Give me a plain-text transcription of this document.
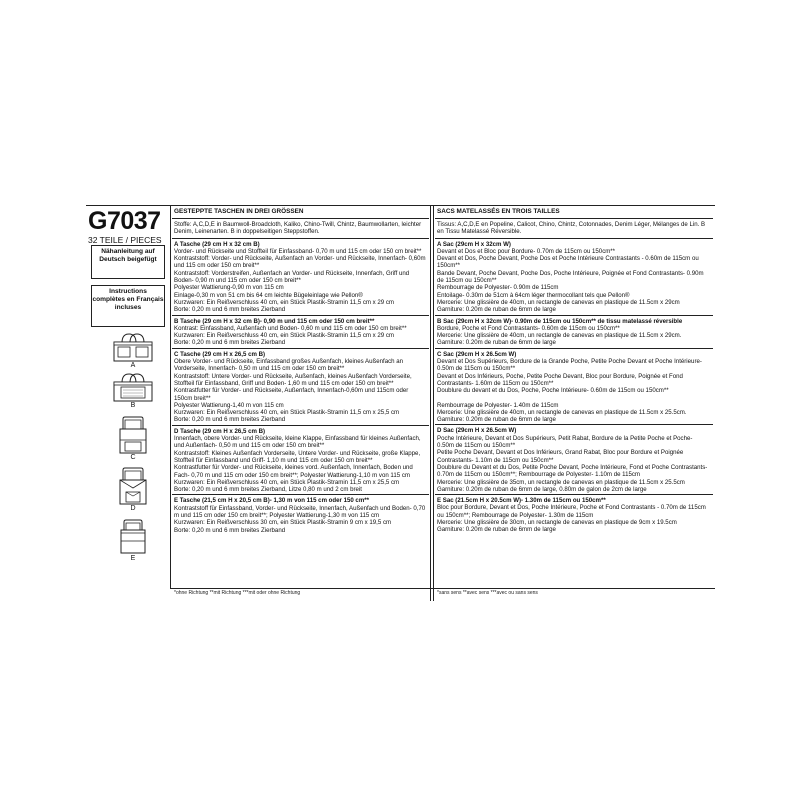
G7037
32 TEILE / PIECES
Nähanleitung auf Deutsch beigefügt
Instructions complètes en Français incluses
A
B
C
D
E
GESTEPPTE TASCHEN IN DREI GRÖSSEN
Stoffe: A,C,D,E in Baumwoll-Broadcloth, Kaliko, Chino-Twill, Chintz, Baumwollarten, leichter Denim, Leinenarten. B in doppelseitigen Steppstoffen.
A Tasche (29 cm H x 32 cm B)
Vorder- und Rückseite und Stoffteil für Einfassband- 0,70 m und 115 cm oder 150 cm breit**
Kontraststoff: Vorder- und Rückseite, Außenfach an Vorder- und Rückseite, Innenfach- 0,60m und 115 cm oder 150 cm breit**
Kontraststoff: Vorderstreifen, Außenfach an Vorder- und Rückseite, Innenfach, Griff und Boden- 0,90 m und 115 cm oder 150 cm breit**
Polyester Wattierung-0,90 m von 115 cm
Einlage-0,30 m von 51 cm bis 64 cm leichte Bügeleinlage wie Pellon®
Kurzwaren: Ein Reißverschluss 40 cm, ein Stück Plastik-Stramin 11,5 cm x 29 cm
Borte: 0,20 m und 6 mm breites Zierband
B Tasche (29 cm H x 32 cm B)- 0,90 m und 115 cm oder 150 cm breit**
Kontrast: Einfassband, Außenfach und Boden- 0,60 m und 115 cm oder 150 cm breit**
Kurzwaren: Ein Reißverschluss 40 cm, ein Stück Plastik-Stramin 11,5 cm x 29 cm
Borte: 0,20 m und 6 mm breites Zierband
C Tasche (29 cm H x 26,5 cm B)
Obere Vorder- und Rückseite, Einfassband großes Außenfach, kleines Außenfach an Vorderseite, Innenfach- 0,50 m und 115 cm oder 150 cm breit**
Kontraststoff: Untere Vorder- und Rückseite, Außenfach, kleines Außenfach Vorderseite, Stoffteil für Einfassband, Griff und Boden- 1,60 m und 115 cm oder 150 cm breit**
Kontrastfutter für Vorder- und Rückseite, Außenfach, Innenfach-0,60m und 115cm oder 150cm breit**
Polyester Wattierung-1,40 m von 115 cm
Kurzwaren: Ein Reißverschluss 40 cm, ein Stück Plastik-Stramin 11,5 cm x 25,5 cm
Borte: 0,20 m und 6 mm breites Zierband
D Tasche (29 cm H x 26,5 cm B)
Innenfach, obere Vorder- und Rückseite, kleine Klappe, Einfassband für kleines Außenfach, und Außenfach- 0,50 m und 115 cm oder 150 cm breit**
Kontraststoff: Kleines Außenfach Vorderseite, Untere Vorder- und Rückseite, große Klappe, Stoffteil für Einfassband und Griff- 1,10 m und 115 cm oder 150 cm breit**
Kontrastfutter für Vorder- und Rückseite, kleines vord. Außenfach, Innenfach, Boden und Fach- 0,70 m und 115 cm oder 150 cm breit**; Polyester Wattierung-1,10 m von 115 cm
Kurzwaren: Ein Reißverschluss 40 cm, ein Stück Plastik-Stramin 11,5 cm x 25,5 cm
Borte: 0,20 m und 6 mm breites Zierband, Litze 0,80 m und 2 cm breit
E Tasche (21,5 cm H x 20,5 cm B)- 1,30 m von 115 cm oder 150 cm**
Kontraststoff für Einfassband, Vorder- und Rückseite, Innenfach, Außenfach und Boden- 0,70 m und 115 cm oder 150 cm breit**; Polyester Wattierung-1,30 m von 115 cm
Kurzwaren: Ein Reißverschluss 30 cm, ein Stück Plastik-Stramin 9 cm x 19,5 cm
Borte: 0,20 m und 6 mm breites Zierband
*ohne Richtung **mit Richtung ***mit oder ohne Richtung
SACS MATELASSÉS EN TROIS TAILLES
Tissus: A,C,D,E en Popeline, Calicot, Chino, Chintz, Cotonnades, Denim Léger, Mélanges de Lin. B en Tissu Matelassé Réversible.
A Sac (29cm H x 32cm W)
Devant et Dos et Bloc pour Bordure- 0.70m de 115cm ou 150cm**
Devant et Dos, Poche Devant, Poche Dos et Poche Intérieure Contrastants - 0.60m de 115cm ou 150cm**
Bande Devant, Poche Devant, Poche Dos, Poche Intérieure, Poignée et Fond Contrastants- 0.90m de 115cm ou 150cm**
Rembourrage de Polyester- 0.90m de 115cm
Entoilage- 0.30m de 51cm à 64cm léger thermocollant tels que Pellon®
Mercerie: Une glissière de 40cm, un rectangle de canevas en plastique de 11.5cm x 29cm
Garniture: 0.20m de ruban de 6mm de large
B Sac (29cm H x 32cm W)- 0.90m de 115cm ou 150cm** de tissu matelassé réversible
Bordure, Poche et Fond Contrastants- 0.60m de 115cm ou 150cm**
Mercerie: Une glissière de 40cm, un rectangle de canevas en plastique de 11.5cm x 29cm.
Garniture: 0.20m de ruban de 6mm de large
C Sac (29cm H x 26.5cm W)
Devant et Dos Supérieurs, Bordure de la Grande Poche, Petite Poche Devant et Poche Intérieure- 0.50m de 115cm ou 150cm**
Devant et Dos Inférieurs, Poche, Petite Poche Devant, Bloc pour Bordure, Poignée et Fond Contrastants- 1.60m de 115cm ou 150cm**
Doublure du devant et du Dos, Poche, Poche Intérieure- 0.60m de 115cm ou 150cm**
Rembourrage de Polyester- 1.40m de 115cm
Mercerie: Une glissière de 40cm, un rectangle de canevas en plastique de 11.5cm x 25.5cm.
Garniture: 0.20m de ruban de 6mm de large
D Sac (29cm H x 26.5cm W)
Poche Intérieure, Devant et Dos Supérieurs, Petit Rabat, Bordure de la Petite Poche et Poche- 0.50m de 115cm ou 150cm**
Petite Poche Devant, Devant et Dos Inférieurs, Grand Rabat, Bloc pour Bordure et Poignée Contrastants- 1.10m de 115cm ou 150cm**
Doublure du Devant et du Dos, Petite Poche Devant, Poche Intérieure, Fond et Poche Contrastants- 0.70m de 115cm ou 150cm**; Rembourrage de Polyester- 1.10m de 115cm
Mercerie: Une glissière de 35cm, un rectangle de canevas en plastique de 11.5cm x 25.5cm
Garniture: 0.20m de ruban de 6mm de large, 0.80m de galon de 2cm de large
E Sac (21.5cm H x 20.5cm W)- 1.30m de 115cm ou 150cm**
Bloc pour Bordure, Devant et Dos, Poche Intérieure, Poche et Fond Contrastants - 0.70m de 115cm ou 150cm**; Rembourrage de Polyester- 1.30m de 115cm
Mercerie: Une glissière de 30cm, un rectangle de canevas en plastique de 9cm x 19.5cm
Garniture: 0.20m de ruban de 6mm de large
*sans sens **avec sens ***avec ou sans sens
